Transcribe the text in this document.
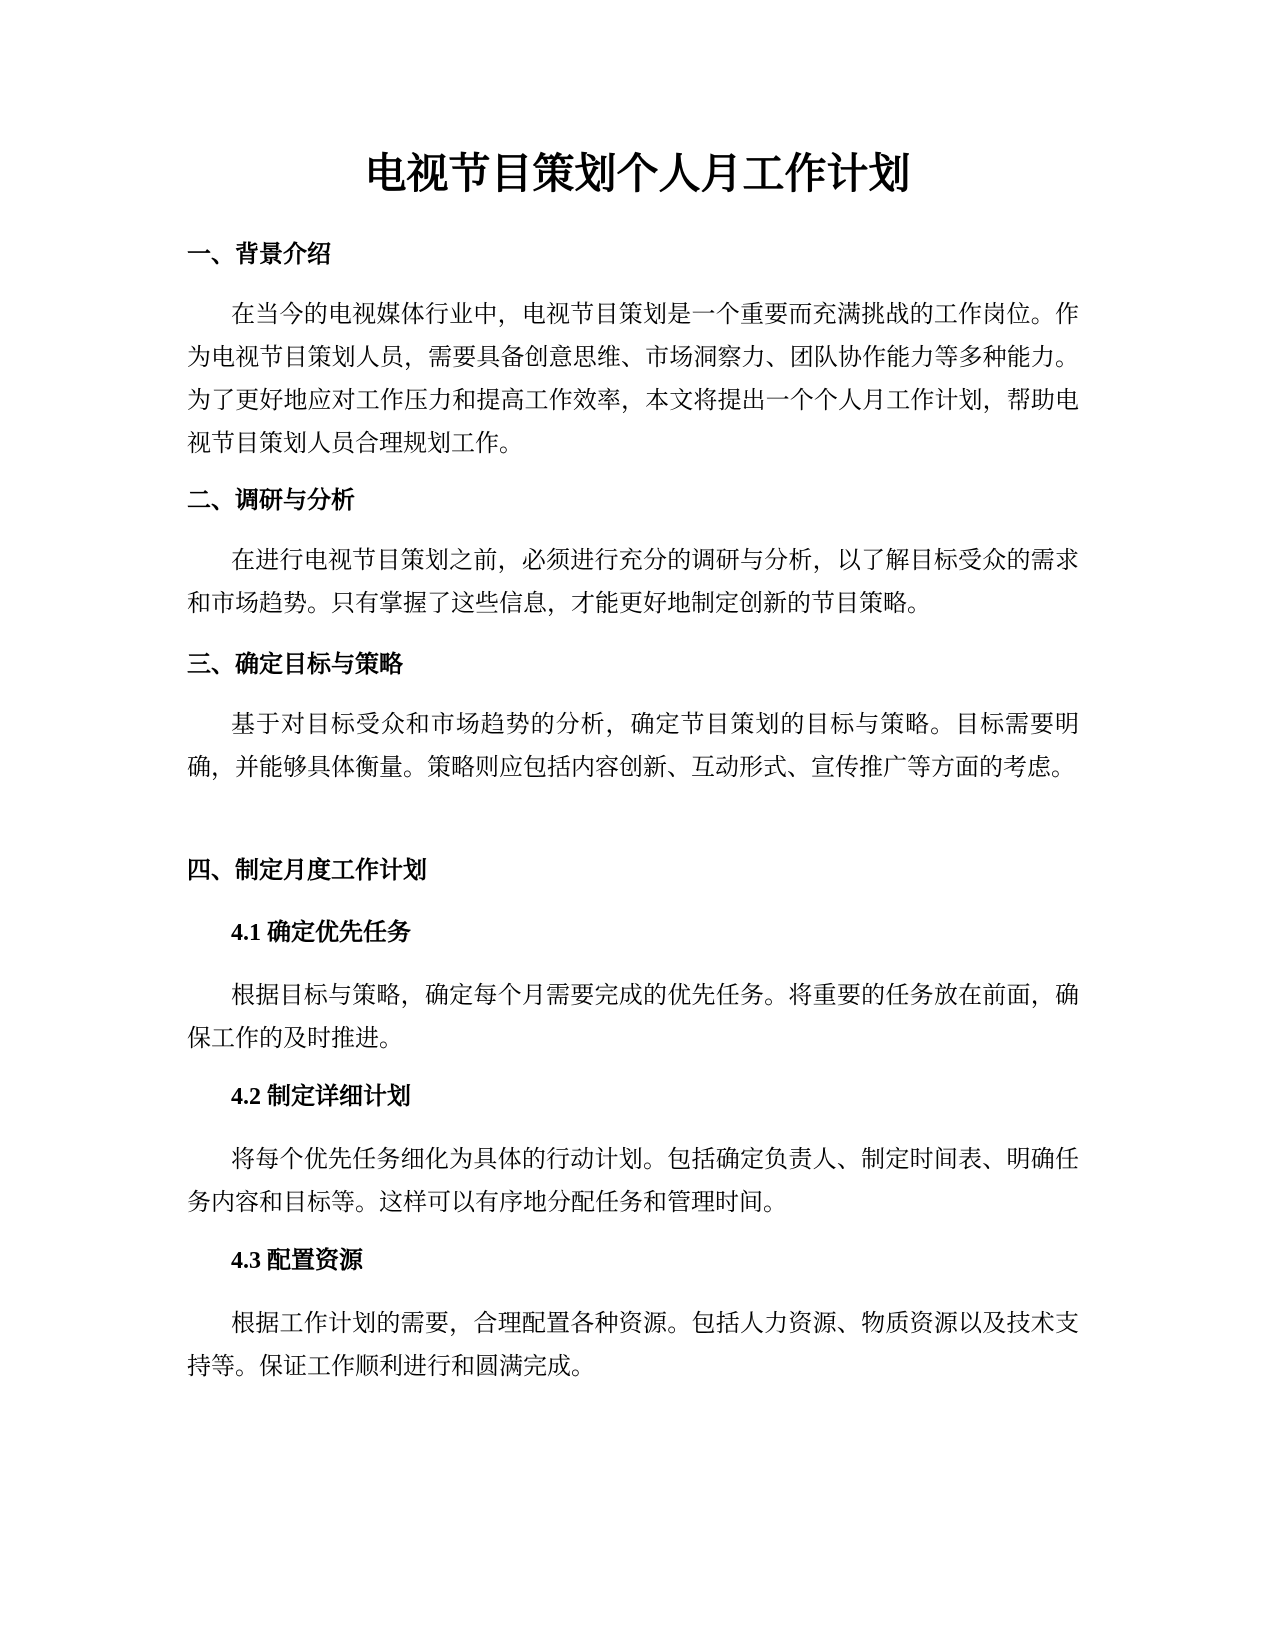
电视节目策划个人月工作计划
一、背景介绍

在当今的电视媒体行业中，电视节目策划是一个重要而充满挑战的工作岗位。作为电视节目策划人员，需要具备创意思维、市场洞察力、团队协作能力等多种能力。为了更好地应对工作压力和提高工作效率，本文将提出一个个人月工作计划，帮助电视节目策划人员合理规划工作。

二、调研与分析

在进行电视节目策划之前，必须进行充分的调研与分析，以了解目标受众的需求和市场趋势。只有掌握了这些信息，才能更好地制定创新的节目策略。

三、确定目标与策略

基于对目标受众和市场趋势的分析，确定节目策划的目标与策略。目标需要明确，并能够具体衡量。策略则应包括内容创新、互动形式、宣传推广等方面的考虑。

四、制定月度工作计划
4.1 确定优先任务

根据目标与策略，确定每个月需要完成的优先任务。将重要的任务放在前面，确保工作的及时推进。

4.2 制定详细计划

将每个优先任务细化为具体的行动计划。包括确定负责人、制定时间表、明确任务内容和目标等。这样可以有序地分配任务和管理时间。

4.3 配置资源

根据工作计划的需要，合理配置各种资源。包括人力资源、物质资源以及技术支持等。保证工作顺利进行和圆满完成。
